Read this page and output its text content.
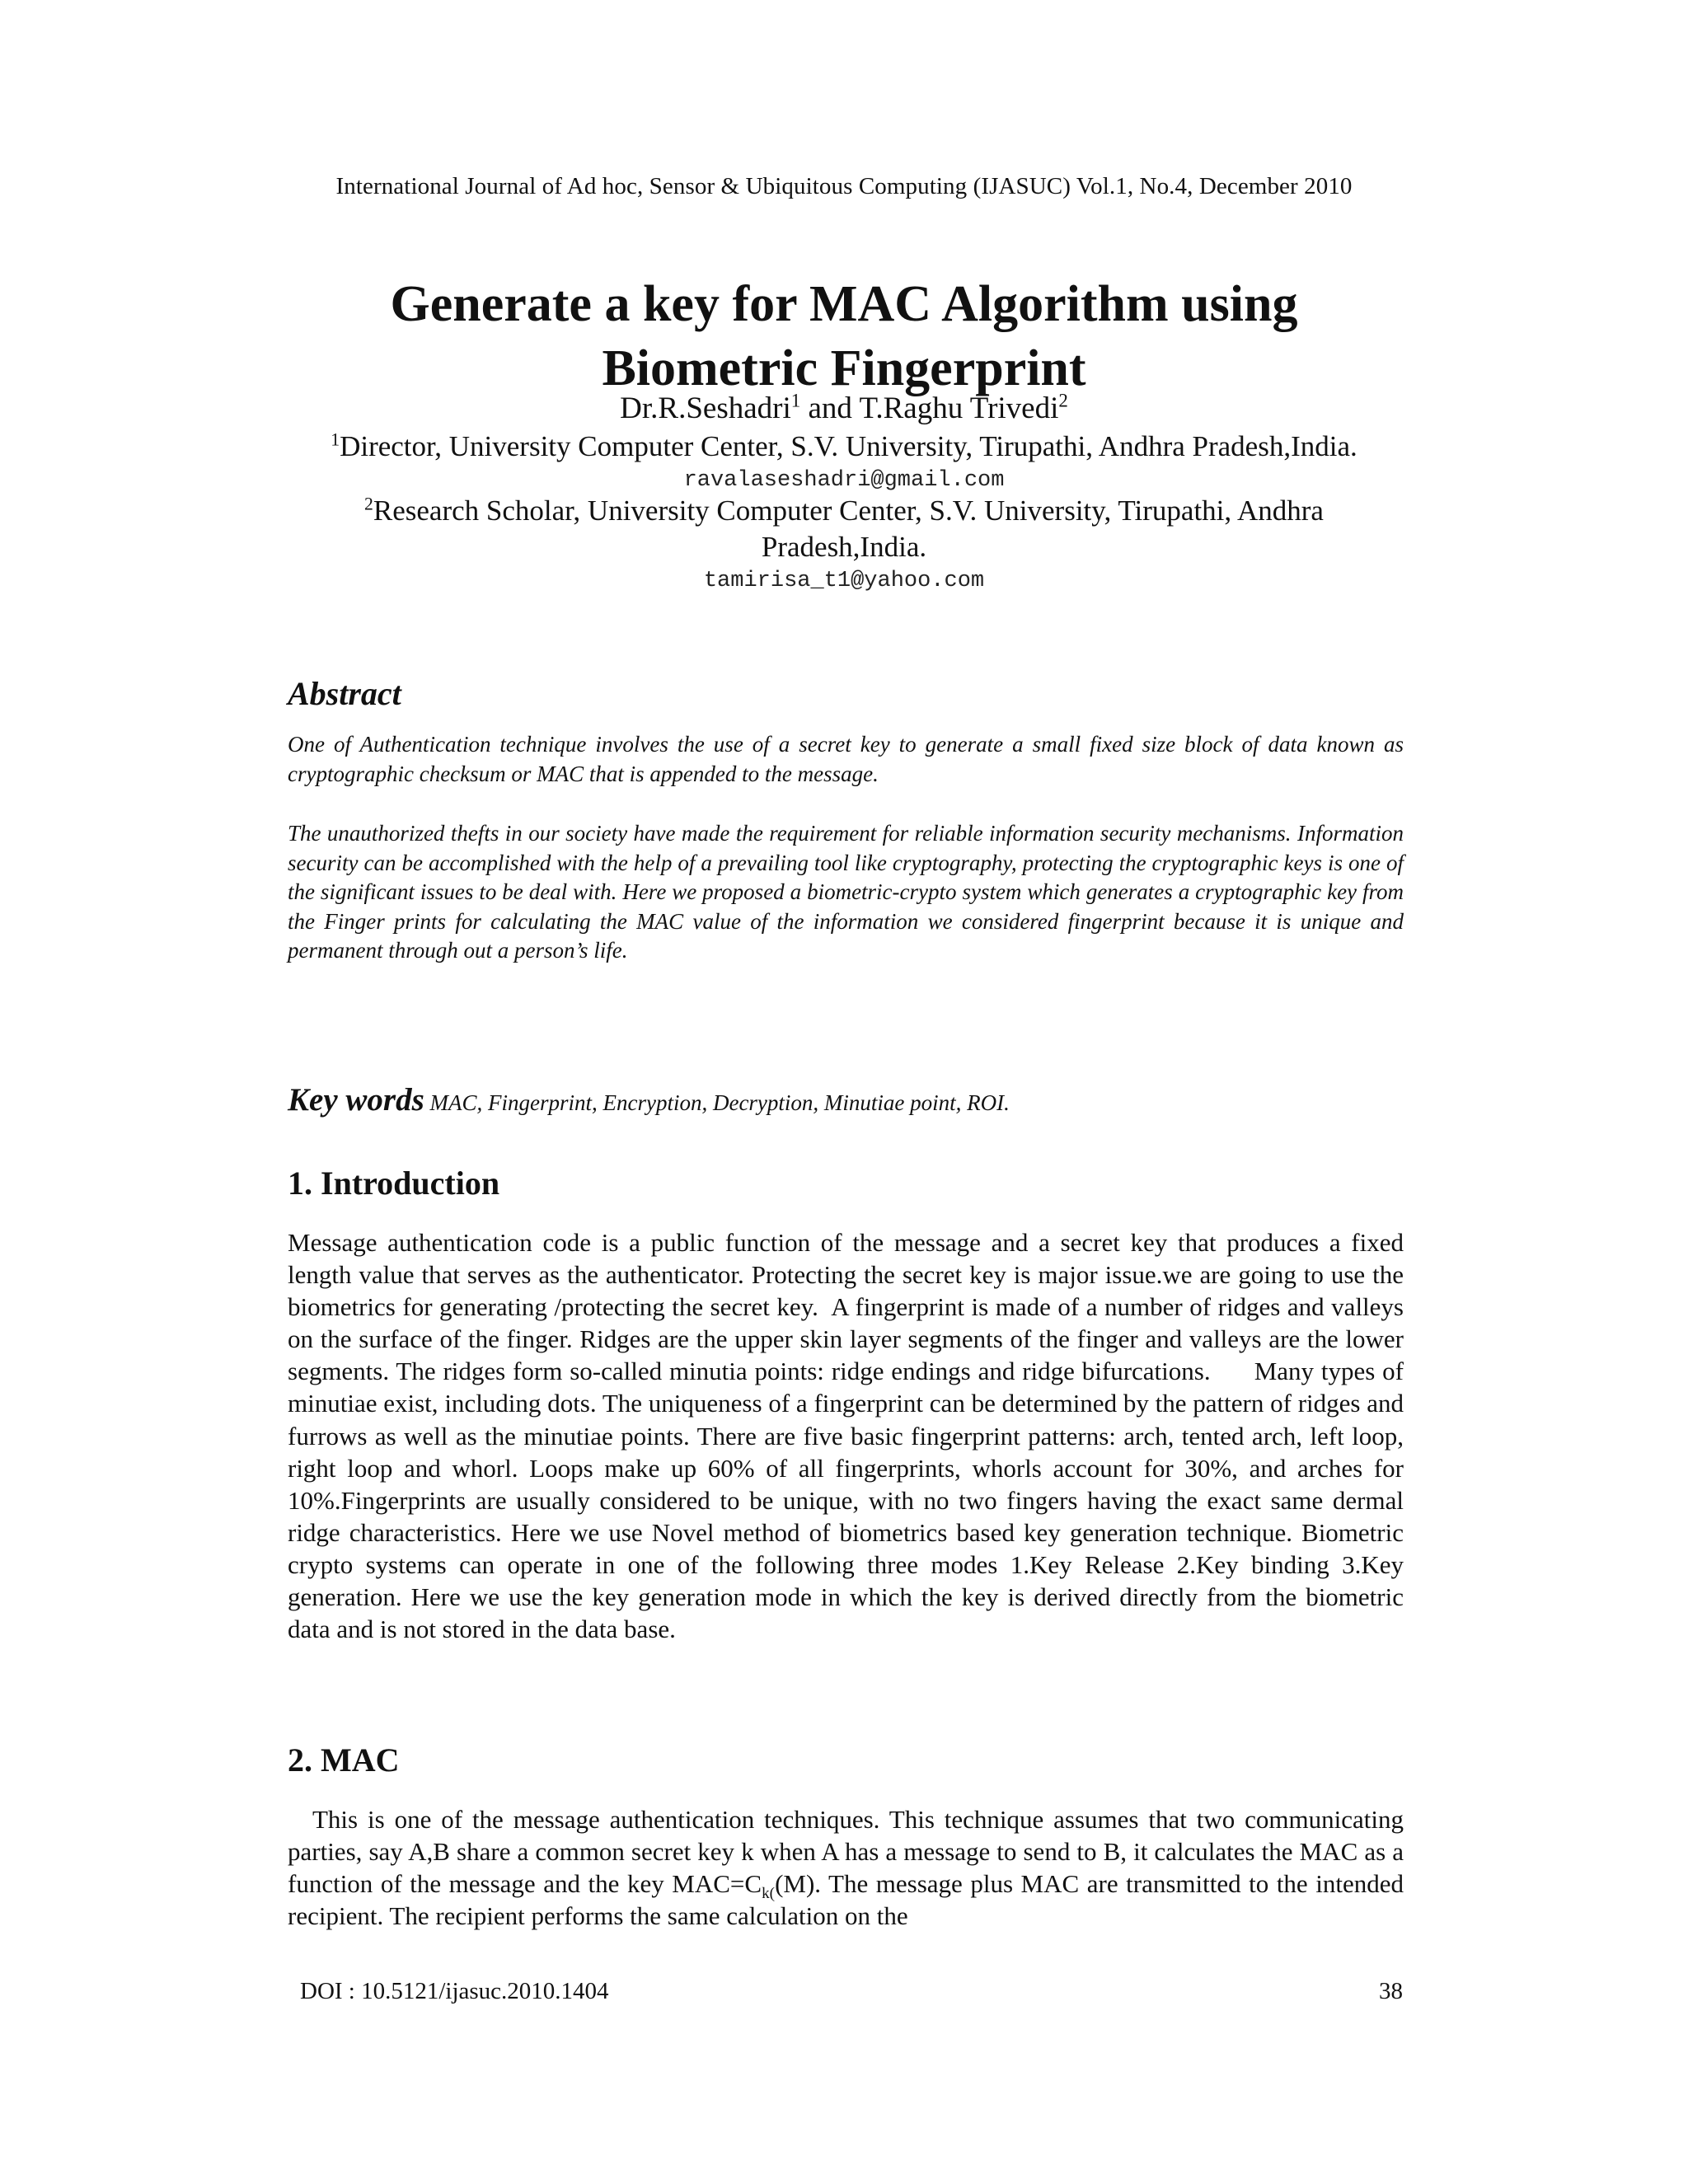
International Journal of Ad hoc, Sensor & Ubiquitous Computing (IJASUC) Vol.1, No.4, December 2010
Generate a key for MAC Algorithm using
Biometric Fingerprint
Dr.R.Seshadri$^1$ and T.Raghu Trivedi$^2$
$^1$Director, University Computer Center, S.V. University, Tirupathi, Andhra Pradesh,India.
ravalaseshadri@gmail.com
$^2$Research Scholar, University Computer Center, S.V. University, Tirupathi, Andhra
Pradesh,India.
tamirisa_t1@yahoo.com
Abstract
One of Authentication technique involves the use of a secret key to generate a small fixed size block of data known as cryptographic checksum or MAC that is appended to the message.
The unauthorized thefts in our society have made the requirement for reliable information security mechanisms. Information security can be accomplished with the help of a prevailing tool like cryptography, protecting the cryptographic keys is one of the significant issues to be deal with. Here we proposed a biometric-crypto system which generates a cryptographic key from the Finger prints for calculating the MAC value of the information we considered fingerprint because it is unique and permanent through out a person’s life.
Key words MAC, Fingerprint, Encryption, Decryption, Minutiae point, ROI.
1. Introduction
Message authentication code is a public function of the message and a secret key that produces a fixed length value that serves as the authenticator. Protecting the secret key is major issue.we are going to use the biometrics for generating /protecting the secret key.  A fingerprint is made of a number of ridges and valleys on the surface of the finger. Ridges are the upper skin layer segments of the finger and valleys are the lower segments. The ridges form so-called minutia points: ridge endings and ridge bifurcations.      Many types of minutiae exist, including dots. The uniqueness of a fingerprint can be determined by the pattern of ridges and furrows as well as the minutiae points. There are five basic fingerprint patterns: arch, tented arch, left loop, right loop and whorl. Loops make up 60% of all fingerprints, whorls account for 30%, and arches for 10%.Fingerprints are usually considered to be unique, with no two fingers having the exact same dermal ridge characteristics. Here we use Novel method of biometrics based key generation technique. Biometric crypto systems can operate in one of the following three modes 1.Key Release 2.Key binding 3.Key generation. Here we use the key generation mode in which the key is derived directly from the biometric data and is not stored in the data base.
2. MAC
This is one of the message authentication techniques. This technique assumes that two communicating parties, say A,B share a common secret key k when A has a message to send to B, it calculates the MAC as a function of the message and the key $MAC=C_{k(}(M)$. The message plus MAC are transmitted to the intended recipient. The recipient performs the same calculation on the
DOI : 10.5121/ijasuc.2010.1404	38
